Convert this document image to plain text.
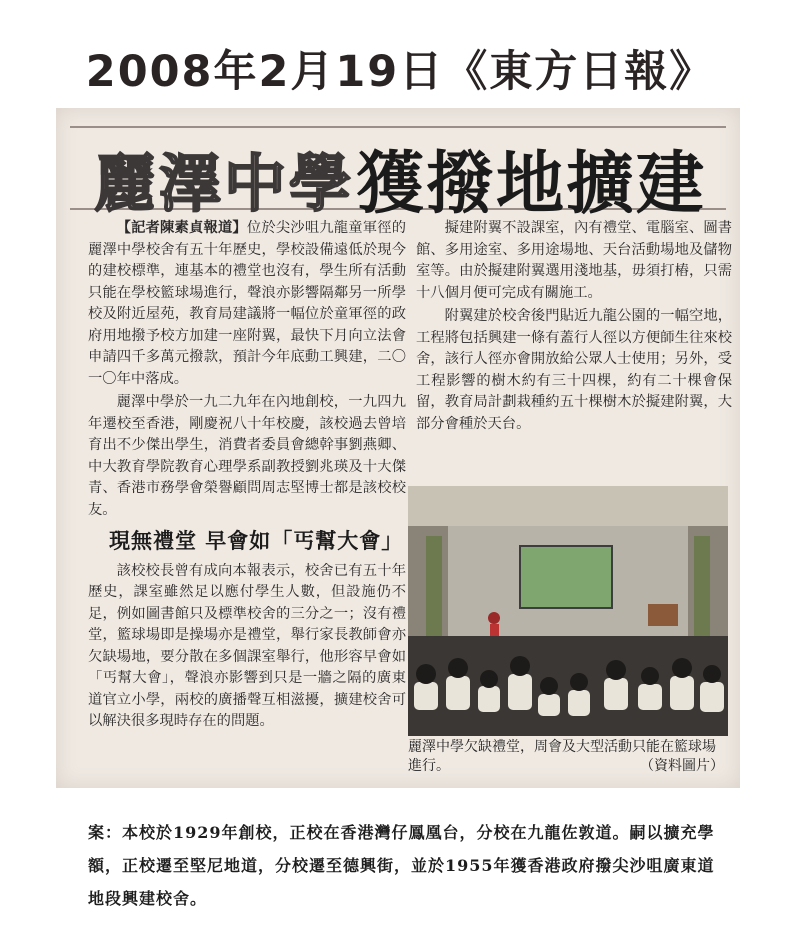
2008年2月19日《東方日報》
麗澤中學 獲撥地擴建

【記者陳素貞報道】位於尖沙咀九龍童軍徑的麗澤中學校舍有五十年歷史，學校設備遠低於現今的建校標準，連基本的禮堂也沒有，學生所有活動只能在學校籃球場進行，聲浪亦影響隔鄰另一所學校及附近屋苑，教育局建議將一幅位於童軍徑的政府用地撥予校方加建一座附翼，最快下月向立法會申請四千多萬元撥款，預計今年底動工興建，二〇一〇年中落成。

麗澤中學於一九二九年在內地創校，一九四九年遷校至香港，剛慶祝八十年校慶，該校過去曾培育出不少傑出學生，消費者委員會總幹事劉燕卿、中大教育學院教育心理學系副教授劉兆瑛及十大傑青、香港市務學會榮譽顧問周志堅博士都是該校校友。

現無禮堂 早會如「丐幫大會」

該校校長曾有成向本報表示，校舍已有五十年歷史，課室雖然足以應付學生人數，但設施仍不足，例如圖書館只及標準校舍的三分之一；沒有禮堂，籃球場即是操場亦是禮堂，舉行家長教師會亦欠缺場地，要分散在多個課室舉行，他形容早會如「丐幫大會」，聲浪亦影響到只是一牆之隔的廣東道官立小學，兩校的廣播聲互相滋擾，擴建校舍可以解決很多現時存在的問題。

擬建附翼不設課室，內有禮堂、電腦室、圖書館、多用途室、多用途場地、天台活動場地及儲物室等。由於擬建附翼選用淺地基，毋須打樁，只需十八個月便可完成有關施工。

附翼建於校舍後門貼近九龍公園的一幅空地，工程將包括興建一條有蓋行人徑以方便師生往來校舍，該行人徑亦會開放給公眾人士使用；另外，受工程影響的樹木約有三十四棵，約有二十棵會保留，教育局計劃栽種約五十棵樹木於擬建附翼，大部分會種於天台。

麗澤中學欠缺禮堂，周會及大型活動只能在籃球場進行。	（資料圖片）
案：本校於1929年創校，正校在香港灣仔鳳凰台，分校在九龍佐敦道。嗣以擴充學額，正校遷至堅尼地道，分校遷至德興街，並於1955年獲香港政府撥尖沙咀廣東道地段興建校舍。
